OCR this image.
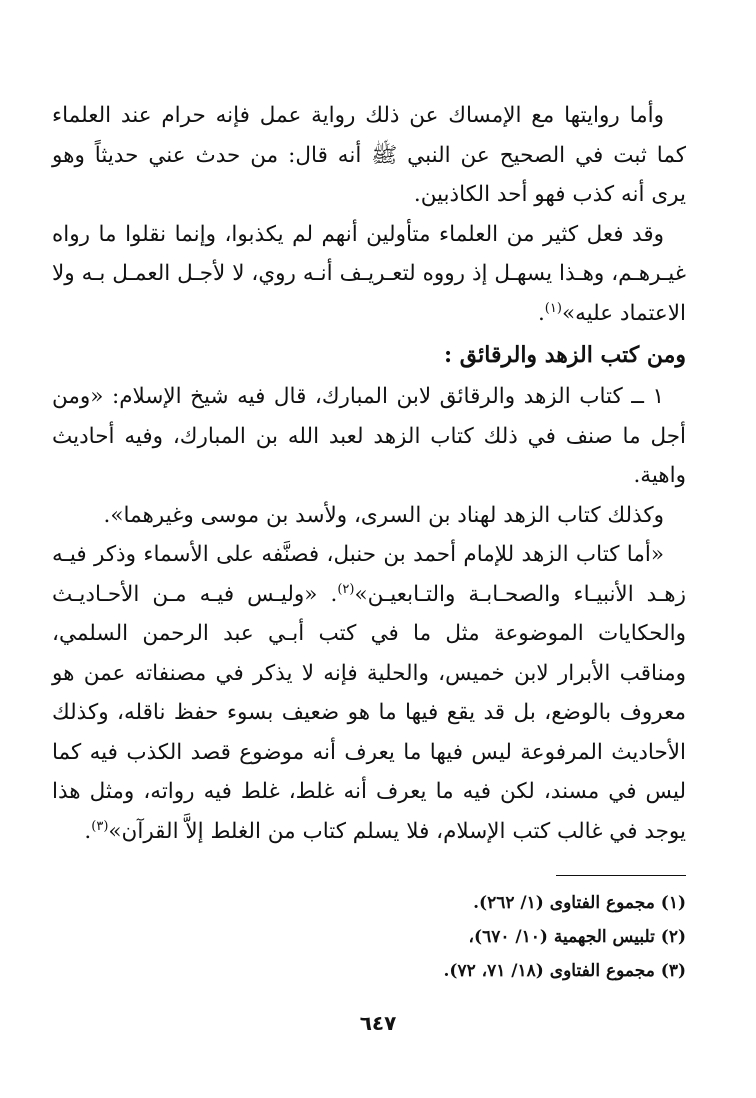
وأما روايتها مع الإمساك عن ذلك رواية عمل فإنه حرام عند العلماء كما ثبت في الصحيح عن النبي ﷺ أنه قال: من حدث عني حديثاً وهو يرى أنه كذب فهو أحد الكاذبين.

وقد فعل كثير من العلماء متأولين أنهم لم يكذبوا، وإنما نقلوا ما رواه غيـرهـم، وهـذا يسهـل إذ رووه لتعـريـف أنـه روي، لا لأجـل العمـل بـه ولا الاعتماد عليه»$^{(١)}$.

ومن كتب الزهد والرقائق :

١ ــ كتاب الزهد والرقائق لابن المبارك، قال فيه شيخ الإسلام: «ومن أجل ما صنف في ذلك كتاب الزهد لعبد الله بن المبارك، وفيه أحاديث واهية.

وكذلك كتاب الزهد لهناد بن السرى، ولأسد بن موسى وغيرهما».

«أما كتاب الزهد للإمام أحمد بن حنبل، فصنَّفه على الأسماء وذكر فيـه زهـد الأنبيـاء والصحـابـة والتـابعيـن»$^{(٢)}$. «وليـس فيـه مـن الأحـاديـث والحكايات الموضوعة مثل ما في كتب أبـي عبد الرحمن السلمي، ومناقب الأبرار لابن خميس، والحلية فإنه لا يذكر في مصنفاته عمن هو معروف بالوضع، بل قد يقع فيها ما هو ضعيف بسوء حفظ ناقله، وكذلك الأحاديث المرفوعة ليس فيها ما يعرف أنه موضوع قصد الكذب فيه كما ليس في مسند، لكن فيه ما يعرف أنه غلط، غلط فيه رواته، ومثل هذا يوجد في غالب كتب الإسلام، فلا يسلم كتاب من الغلط إلاَّ القرآن»$^{(٣)}$.

(١) مجموع الفتاوى (١/ ٢٦٢).
(٢) تلبيس الجهمية (١٠/ ٦٧٠)،
(٣) مجموع الفتاوى (١٨/ ٧١، ٧٢).
٦٤٧
